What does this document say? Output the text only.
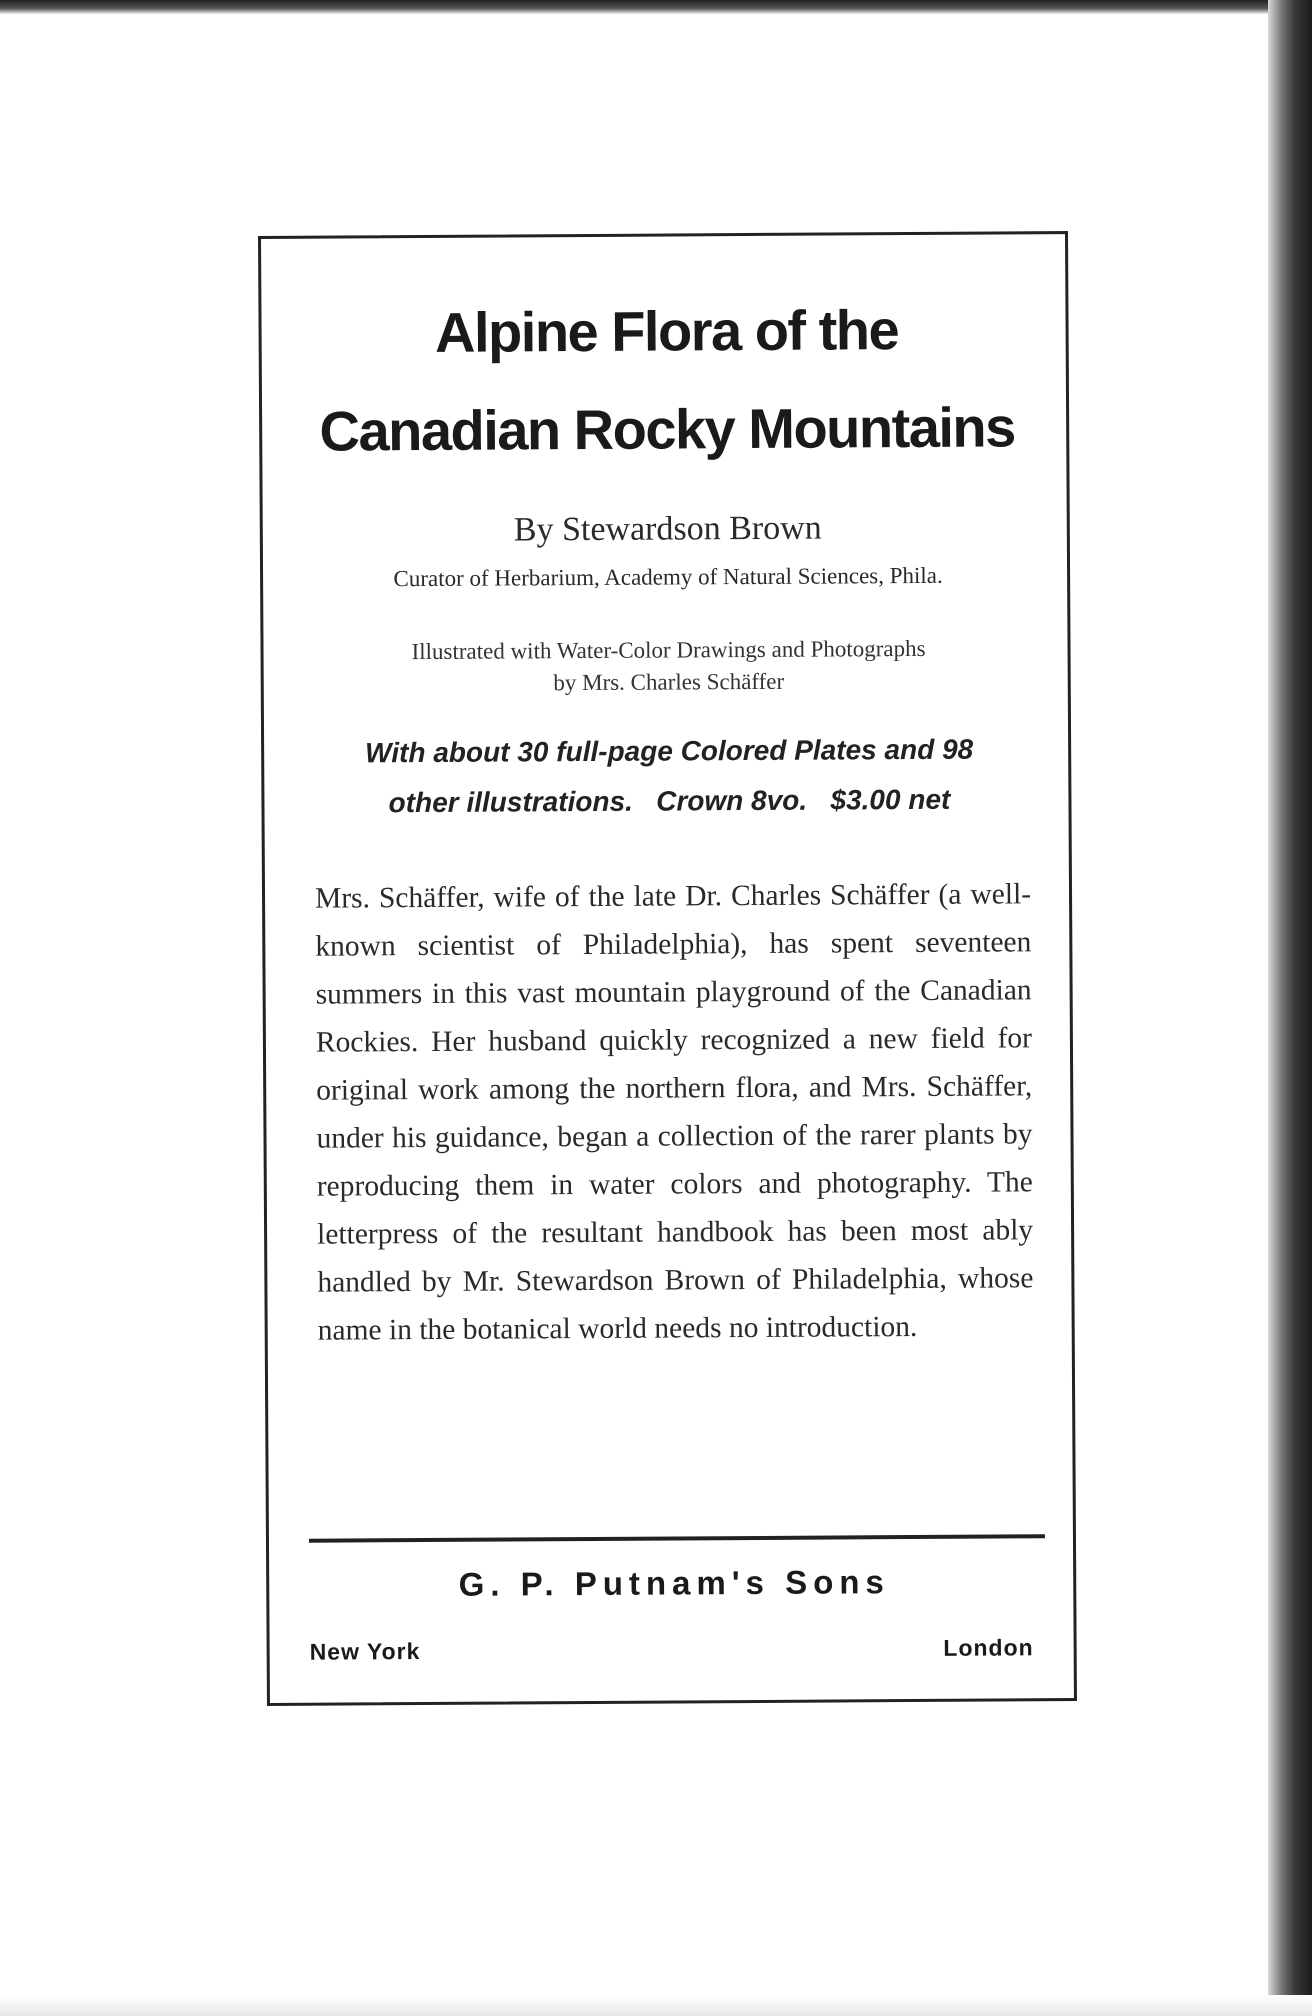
Alpine Flora of the
Canadian Rocky Mountains
By Stewardson Brown
Curator of Herbarium, Academy of Natural Sciences, Phila.
Illustrated with Water-Color Drawings and Photographs
by Mrs. Charles Schäffer
With about 30 full-page Colored Plates and 98
other illustrations.   Crown 8vo.   $3.00 net

Mrs. Schäffer, wife of the late Dr. Charles Schäffer (a well-known scientist of Philadelphia), has spent seventeen summers in this vast mountain playground of the Canadian Rockies. Her husband quickly recognized a new field for original work among the northern flora, and Mrs. Schäffer, under his guidance, began a collection of the rarer plants by reproducing them in water colors and photography. The letterpress of the resultant handbook has been most ably handled by Mr. Stewardson Brown of Philadelphia, whose name in the botanical world needs no introduction.

G. P. Putnam's Sons
New York	London
